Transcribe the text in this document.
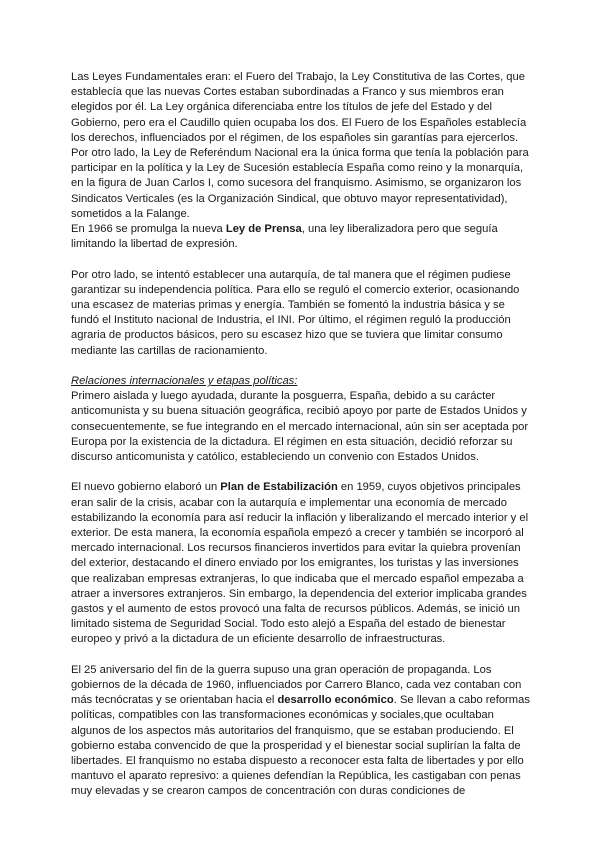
Las Leyes Fundamentales eran: el Fuero del Trabajo, la Ley Constitutiva de las Cortes, que establecía que las nuevas Cortes estaban subordinadas a Franco y sus miembros eran elegidos por él. La Ley orgánica diferenciaba entre los títulos de jefe del Estado y del Gobierno, pero era el Caudillo quien ocupaba los dos. El Fuero de los Españoles establecía los derechos, influenciados por el régimen, de los españoles sin garantías para ejercerlos. Por otro lado, la Ley de Referéndum Nacional era la única forma que tenía la población para participar en la política y la Ley de Sucesión establecía España como reino y la monarquía, en la figura de Juan Carlos I, como sucesora del franquismo. Asimismo, se organizaron los Sindicatos Verticales (es la Organización Sindical, que obtuvo mayor representatividad), sometidos a la Falange.

En 1966 se promulga la nueva Ley de Prensa, una ley liberalizadora pero que seguía limitando la libertad de expresión.

Por otro lado, se intentó establecer una autarquía, de tal manera que el régimen pudiese garantizar su independencia política. Para ello se reguló el comercio exterior, ocasionando una escasez de materias primas y energía. También se fomentó la industria básica y se fundó el Instituto nacional de Industria, el INI. Por último, el régimen reguló la producción agraria de productos básicos, pero su escasez hizo que se tuviera que limitar consumo mediante las cartillas de racionamiento.

Relaciones internacionales y etapas políticas:

Primero aislada y luego ayudada, durante la posguerra, España, debido a su carácter anticomunista y su buena situación geográfica, recibió apoyo por parte de Estados Unidos y consecuentemente, se fue integrando en el mercado internacional, aún sin ser aceptada por Europa por la existencia de la dictadura. El régimen en esta situación, decidió reforzar su discurso anticomunista y católico, estableciendo un convenio con Estados Unidos.

El nuevo gobierno elaboró un Plan de Estabilización en 1959, cuyos objetivos principales eran salir de la crisis, acabar con la autarquía e implementar una economía de mercado estabilizando la economía para así reducir la inflación y liberalizando el mercado interior y el exterior. De esta manera, la economía española empezó a crecer y también se incorporó al mercado internacional. Los recursos financieros invertidos para evitar la quiebra provenían del exterior, destacando el dinero enviado por los emigrantes, los turistas y las inversiones que realizaban empresas extranjeras, lo que indicaba que el mercado español empezaba a atraer a inversores extranjeros. Sin embargo, la dependencia del exterior implicaba grandes gastos y el aumento de estos provocó una falta de recursos públicos. Además, se inició un limitado sistema de Seguridad Social. Todo esto alejó a España del estado de bienestar europeo y privó a la dictadura de un eficiente desarrollo de infraestructuras.

El 25 aniversario del fin de la guerra supuso una gran operación de propaganda. Los gobiernos de la década de 1960, influenciados por Carrero Blanco, cada vez contaban con más tecnócratas y se orientaban hacia el desarrollo económico. Se llevan a cabo reformas políticas, compatibles con las transformaciones económicas y sociales,que ocultaban algunos de los aspectos más autoritarios del franquismo, que se estaban produciendo. El gobierno estaba convencido de que la prosperidad y el bienestar social suplirían la falta de libertades. El franquismo no estaba dispuesto a reconocer esta falta de libertades y por ello mantuvo el aparato represivo: a quienes defendían la República, les castigaban con penas muy elevadas y se crearon campos de concentración con duras condiciones de
